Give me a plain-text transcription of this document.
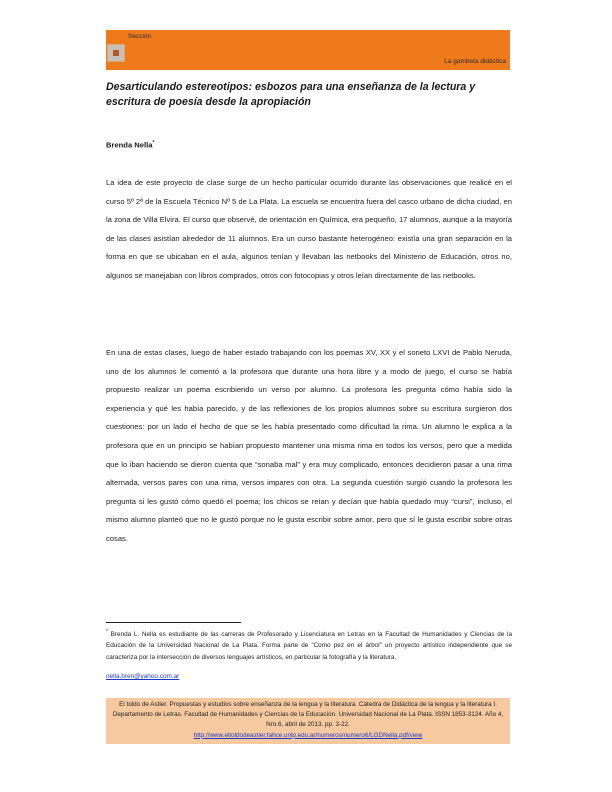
Sección
La gambeta didáctica
Desarticulando estereotipos: esbozos para una enseñanza de la lectura y escritura de poesía desde la apropiación
Brenda Nella*

La idea de este proyecto de clase surge de un hecho particular ocurrido durante las observaciones que realicé en el curso 5º 2ª de la Escuela Técnico Nº 5 de La Plata. La escuela se encuentra fuera del casco urbano de dicha ciudad, en la zona de Villa Elvira. El curso que observé, de orientación en Química, era pequeño, 17 alumnos, aunque a la mayoría de las clases asistían alrededor de 11 alumnos. Era un curso bastante heterogéneo: existía una gran separación en la forma en que se ubicaban en el aula, algunos tenían y llevaban las netbooks del Ministerio de Educación, otros no, algunos se manejaban con libros comprados, otros con fotocopias y otros leían directamente de las netbooks.

En una de estas clases, luego de haber estado trabajando con los poemas XV, XX y el soneto LXVI de Pablo Neruda, uno de los alumnos le comentó a la profesora que durante una hora libre y a modo de juego, el curso se había propuesto realizar un poema escribiendo un verso por alumno. La profesora les pregunta cómo había sido la experiencia y qué les había parecido, y de las reflexiones de los propios alumnos sobre su escritura surgieron dos cuestiones: por un lado el hecho de que se les había presentado como dificultad la rima. Un alumno le explica a la profesora que en un principio se habían propuesto mantener una misma rima en todos los versos, pero que a medida que lo iban haciendo se dieron cuenta que “sonaba mal” y era muy complicado, entonces decidieron pasar a una rima alternada, versos pares con una rima, versos impares con otra. La segunda cuestión surgió cuando la profesora les pregunta si les gustó cómo quedó el poema; los chicos se reían y decían que había quedado muy “cursi”, incluso, el mismo alumno planteó que no le gustó porque no le gusta escribir sobre amor, pero que sí le gusta escribir sobre otras cosas.

* Brenda L. Nella es estudiante de las carreras de Profesorado y Licenciatura en Letras en la Facultad de Humanidades y Ciencias de la Educación de la Universidad Nacional de La Plata. Forma parte de “Como pez en el árbol” un proyecto artístico independiente que se caracteriza por la intersección de diversos lenguajes artísticos, en particular la fotografía y la literatura.

nella.bren@yahoo.com.ar

El toldo de Astier. Propuestas y estudios sobre enseñanza de la lengua y la literatura. Cátedra de Didáctica de la lengua y la literatura I. Departamento de Letras. Facultad de Humanidades y Ciencias de la Educación. Universidad Nacional de La Plata. ISSN 1853-3124. Año 4, Nro.6, abril de 2013. pp. 3-22.
http://www.eltoldodeastier.fahce.unlp.edu.ar/numeros/numero6/LGDNella.pdf/view
